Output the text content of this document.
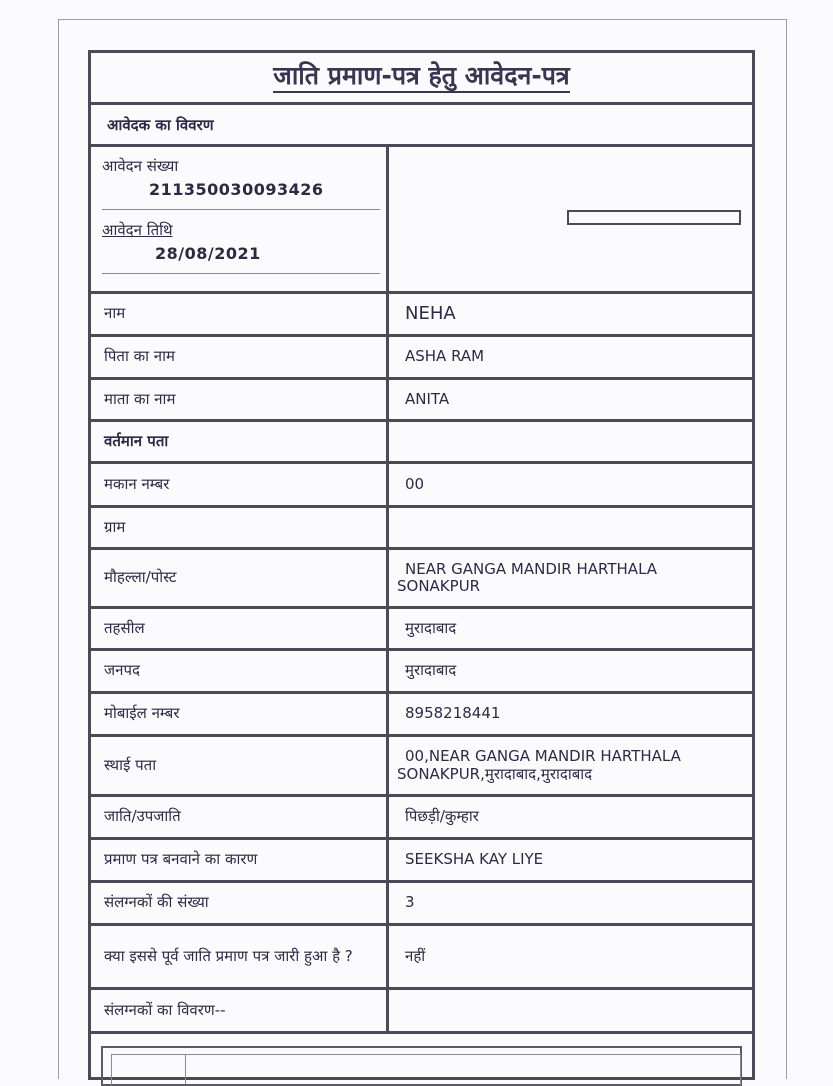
जाति प्रमाण-पत्र हेतु आवेदन-पत्र
आवेदक का विवरण
आवेदन संख्या
211350030093426
आवेदन तिथि
28/08/2021
नाम	NEHA
पिता का नाम	ASHA RAM
माता का नाम	ANITA
वर्तमान पता
मकान नम्बर	00
ग्राम
मौहल्ला/पोस्ट	NEAR GANGA MANDIR HARTHALA SONAKPUR
तहसील	मुरादाबाद
जनपद	मुरादाबाद
मोबाईल नम्बर	8958218441
स्थाई पता	00,NEAR GANGA MANDIR HARTHALA SONAKPUR,मुरादाबाद,मुरादाबाद
जाति/उपजाति	पिछड़ी/कुम्हार
प्रमाण पत्र बनवाने का कारण	SEEKSHA KAY LIYE
संलग्नकों की संख्या	3
क्या इससे पूर्व जाति प्रमाण पत्र जारी हुआ है ?	नहीं
संलग्नकों का विवरण--
